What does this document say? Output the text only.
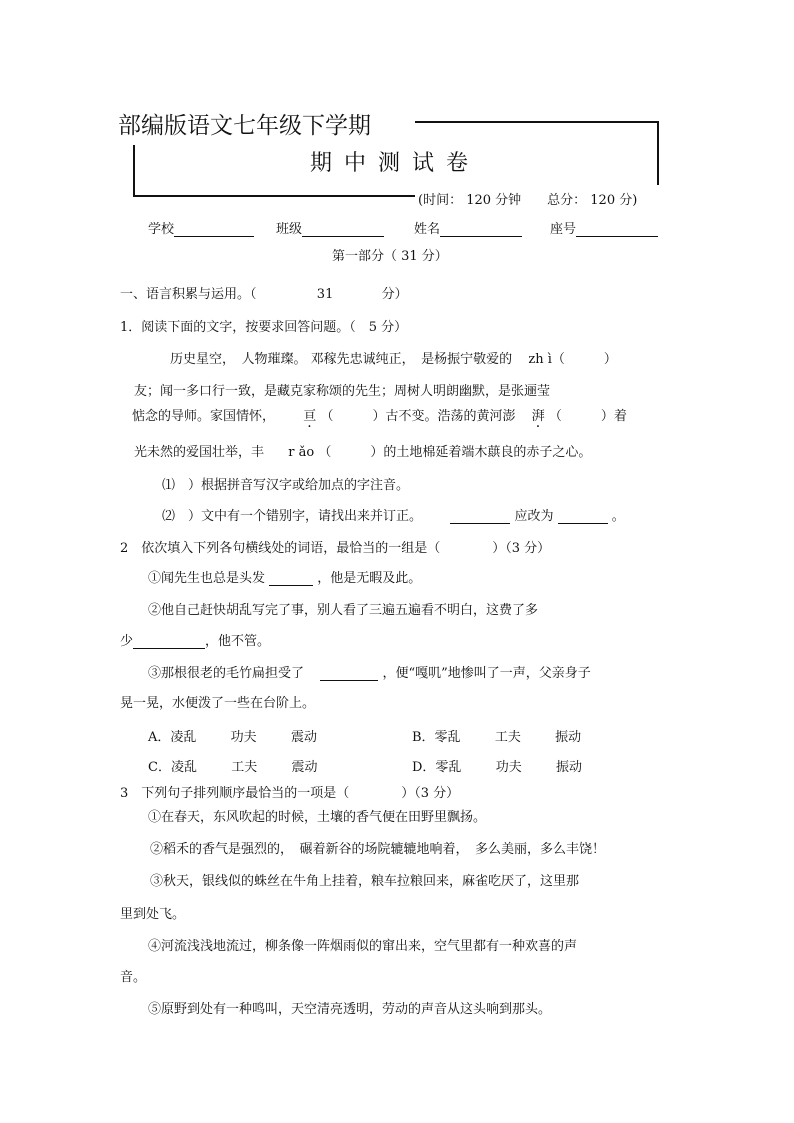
部编版语文七年级下学期
期中测试卷
(时间： 120 分钟　　总分： 120 分)
学校	班级	姓名	座号
第一部分（ 31 分）
一、语言积累与运用。（	31	分）
1．阅读下面的文字，按要求回答问题。（　5 分）
历史星空，　人物璀璨。 邓稼先忠诚纯正，　是杨振宁敬爱的 zh ì（　　　）
友；闻一多口行一致，是藏克家称颂的先生；周树人明朗幽默，是张逦莹
惦念的导师。家国情怀， 亘 （　　　）古不变。浩荡的黄河澎 湃 （　　　）着
光未然的爱国壮举，丰 r ǎo （　　　）的土地棉延着端木蕻良的赤子之心。
⑴　）根据拼音写汉字或给加点的字注音。
⑵　）文中有一个错别字，请找出来并订正。	应改为	。
2　依次填入下列各句横线处的词语，最恰当的一组是（　　　　）（3 分）
①闻先生也总是头发	，他是无暇及此。
②他自己赶快胡乱写完了事，别人看了三遍五遍看不明白，这费了多
少	，他不管。
③那根很老的毛竹扁担受了	，便“嘎叽”地惨叫了一声，父亲身子
晃一晃，水便泼了一些在台阶上。
A．凌乱	功夫	震动	B．零乱	工夫	振动
C．凌乱	工夫	震动	D．零乱	功夫	振动
3　下列句子排列顺序最恰当的一项是（　　　　）（3 分）
①在春天，东风吹起的时候，土壤的香气便在田野里飘扬。
②稻禾的香气是强烈的，　碾着新谷的场院辘辘地响着，　多么美丽，多么丰饶！
③秋天，银线似的蛛丝在牛角上挂着，粮车拉粮回来，麻雀吃厌了，这里那
里到处飞。
④河流浅浅地流过，柳条像一阵烟雨似的窜出来，空气里都有一种欢喜的声
音。
⑤原野到处有一种鸣叫，天空清亮透明，劳动的声音从这头响到那头。
